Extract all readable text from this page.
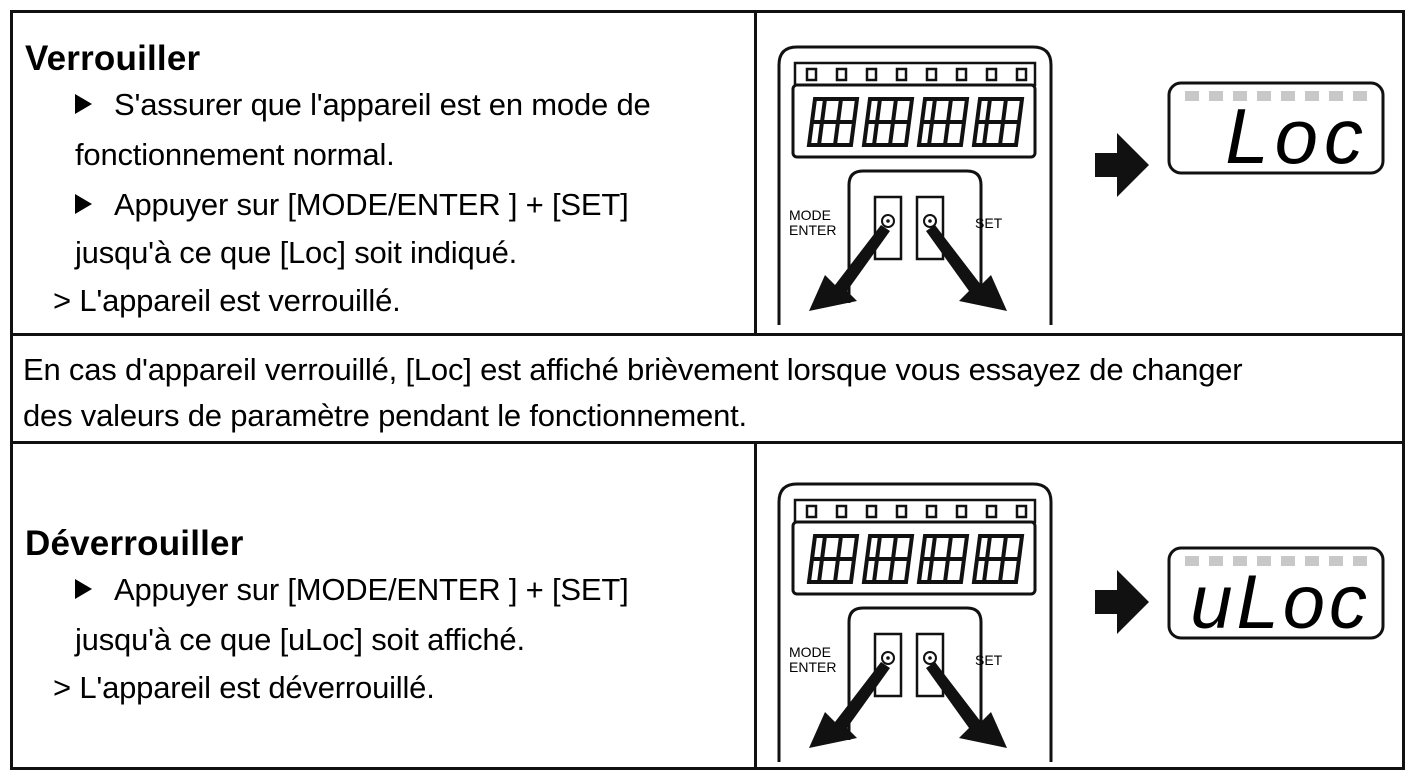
Verrouiller
S'assurer que l'appareil est en mode de
fonctionnement normal.
Appuyer sur [MODE/ENTER ] + [SET]
jusqu'à ce que [Loc] soit indiqué.
> L'appareil est verrouillé.
MODE
ENTER	SET
Loc
En cas d'appareil verrouillé, [Loc] est affiché brièvement lorsque vous essayez de changer
des valeurs de paramètre pendant le fonctionnement.
Déverrouiller
Appuyer sur [MODE/ENTER ] + [SET]
jusqu'à ce que [uLoc] soit affiché.
> L'appareil est déverrouillé.
MODE
ENTER	SET
uLoc
